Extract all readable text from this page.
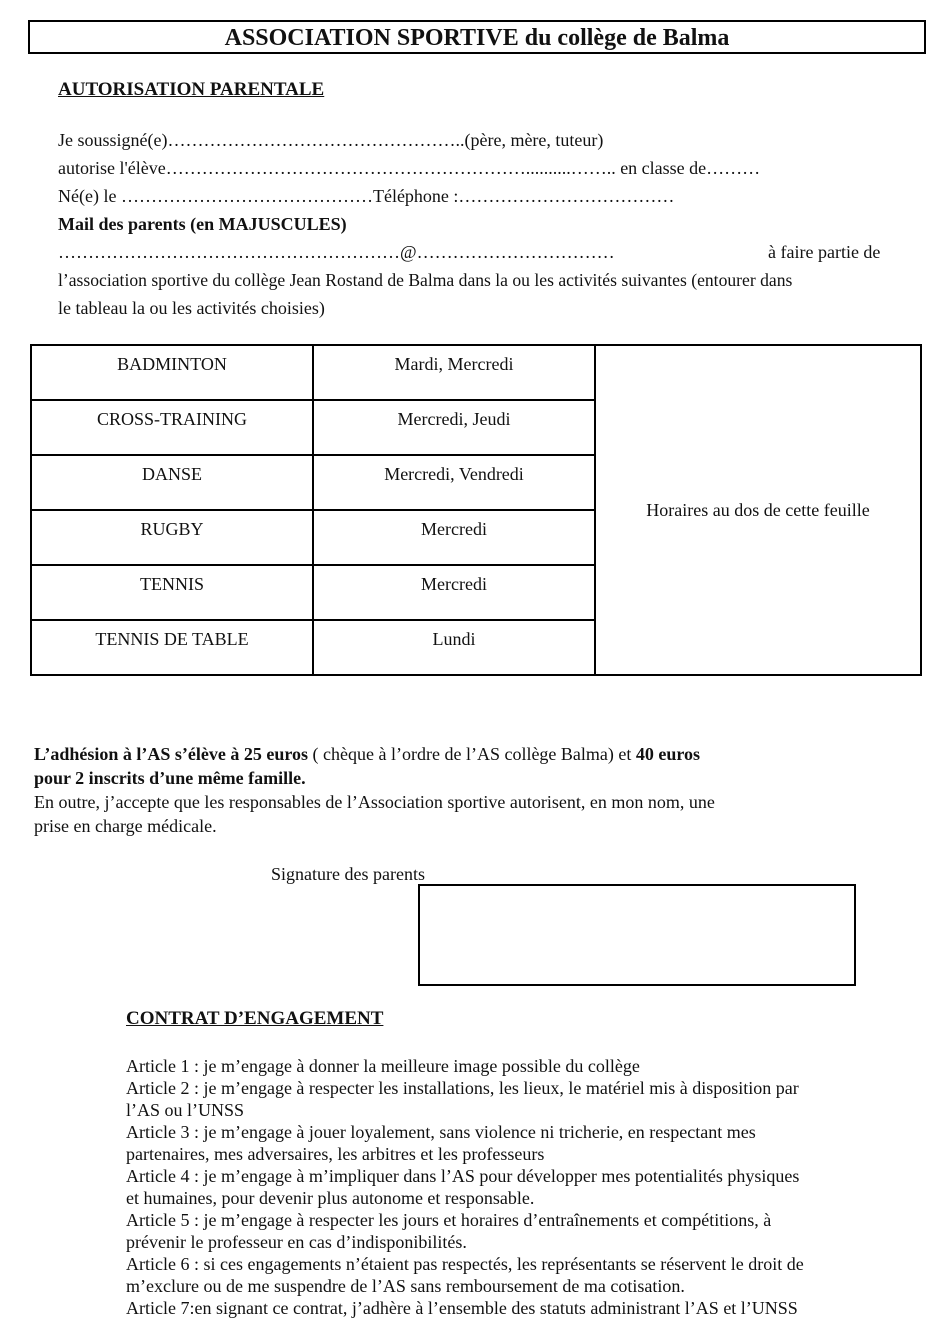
ASSOCIATION SPORTIVE du collège de Balma
AUTORISATION PARENTALE
Je soussigné(e)…………………………………………..(père, mère, tuteur)
autorise l'élève……………………………………………………..........…….. en classe de………
Né(e) le ……………………………………Téléphone :………………………………
Mail des parents (en MAJUSCULES)
…………………………………………………@……………………………	à faire partie de
l’association sportive du collège Jean Rostand de Balma dans la ou les activités suivantes (entourer dans
le tableau la ou les activités choisies)
BADMINTON	Mardi, Mercredi	Horaires au dos de cette feuille
CROSS-TRAINING	Mercredi, Jeudi	
DANSE	Mercredi, Vendredi	
RUGBY	Mercredi	
TENNIS	Mercredi	
TENNIS DE TABLE	Lundi	
L’adhésion à l’AS s’élève à 25 euros ( chèque à l’ordre de l’AS collège Balma) et 40 euros
pour 2 inscrits d’une même famille.
En outre, j’accepte que les responsables de l’Association sportive autorisent, en mon nom, une
prise en charge médicale.
Signature des parents
CONTRAT D’ENGAGEMENT
Article 1 : je m’engage à donner la meilleure image possible du collège
Article 2 : je m’engage à respecter les installations, les lieux, le matériel mis à disposition par
l’AS ou l’UNSS
Article 3 : je m’engage à jouer loyalement, sans violence ni tricherie, en respectant mes
partenaires, mes adversaires, les arbitres et les professeurs
Article 4 : je m’engage à m’impliquer dans l’AS pour développer mes potentialités physiques
et humaines, pour devenir plus autonome et responsable.
Article 5 : je m’engage à respecter les jours et horaires d’entraînements et compétitions, à
prévenir le professeur en cas d’indisponibilités.
Article 6 : si ces engagements n’étaient pas respectés, les représentants se réservent le droit de
m’exclure ou de me suspendre de l’AS sans remboursement de ma cotisation.
Article 7:en signant ce contrat, j’adhère à l’ensemble des statuts administrant l’AS et l’UNSS
